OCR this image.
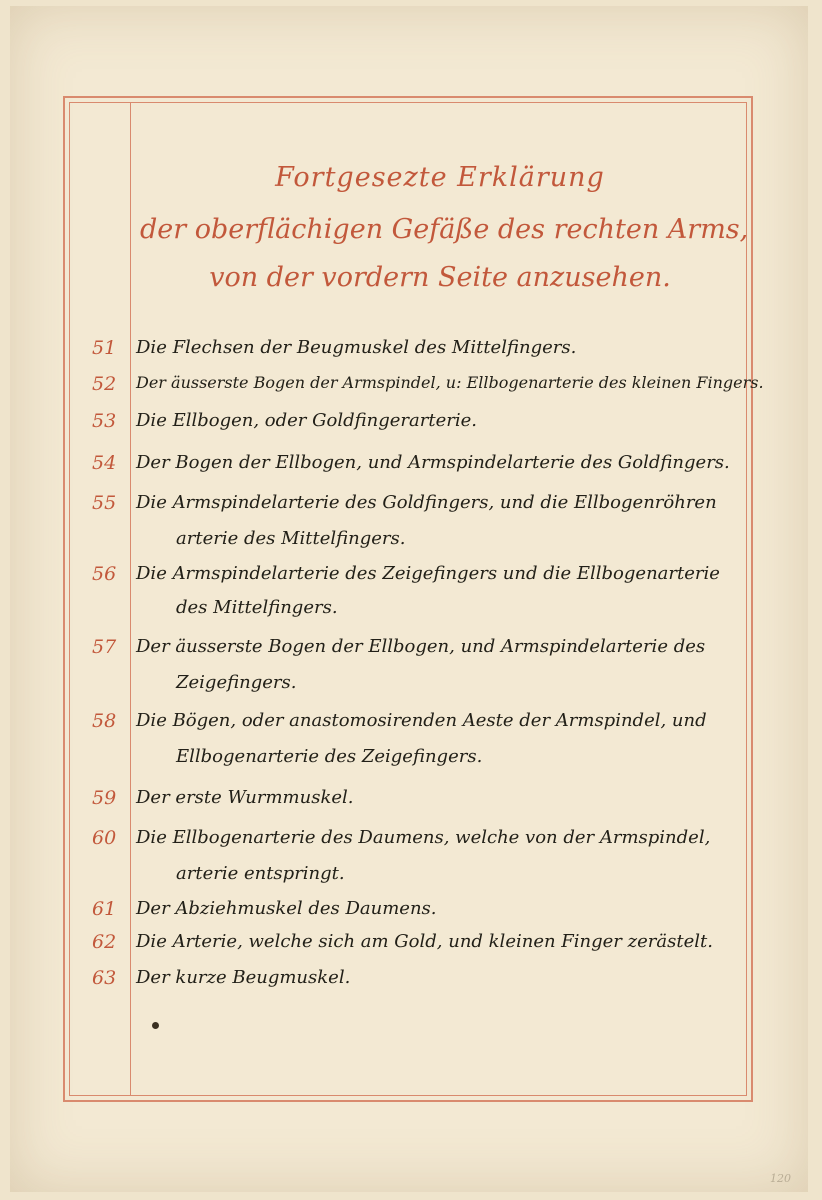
Fortgesezte Erklärung
der oberflächigen Gefäße des rechten Arms,
von der vordern Seite anzusehen.
51	Die Flechsen der Beugmuskel des Mittelfingers.
52	Der äusserste Bogen der Armspindel, u: Ellbogenarterie des kleinen Fingers.
53	Die Ellbogen, oder Goldfingerarterie.
54	Der Bogen der Ellbogen, und Armspindelarterie des Goldfingers.
55	Die Armspindelarterie des Goldfingers, und die Ellbogenröhren
arterie des Mittelfingers.
56	Die Armspindelarterie des Zeigefingers und die Ellbogenarterie
des Mittelfingers.
57	Der äusserste Bogen der Ellbogen, und Armspindelarterie des
Zeigefingers.
58	Die Bögen, oder anastomosirenden Aeste der Armspindel, und
Ellbogenarterie des Zeigefingers.
59	Der erste Wurmmuskel.
60	Die Ellbogenarterie des Daumens, welche von der Armspindel,
arterie entspringt.
61	Der Abziehmuskel des Daumens.
62	Die Arterie, welche sich am Gold, und kleinen Finger zerästelt.
63	Der kurze Beugmuskel.
120
